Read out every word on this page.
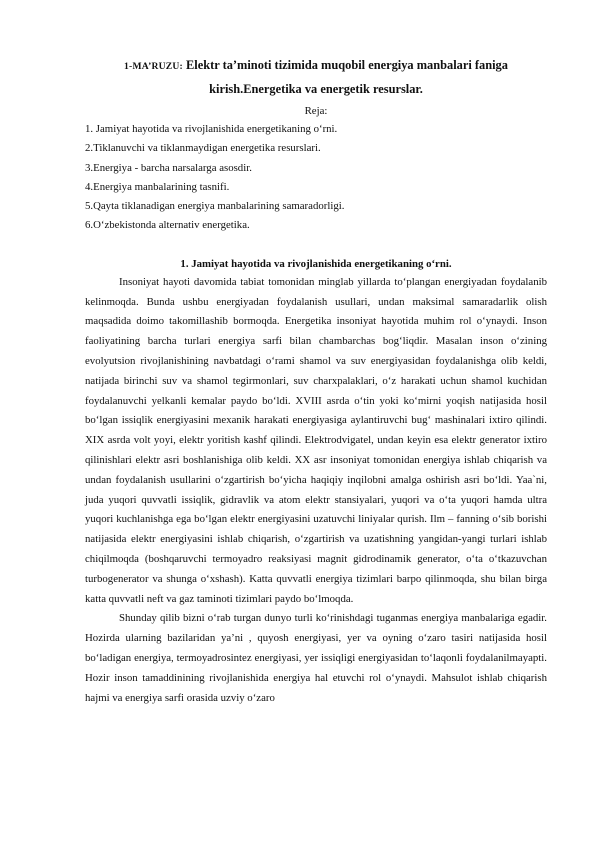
1-MA’RUZU: Elektr ta’minoti tizimida muqobil energiya manbalari faniga
kirish.Energetika va energetik resurslar.
Reja:
1. Jamiyat hayotida va rivojlanishida energetikaning o‘rni.
2.Tiklanuvchi va tiklanmaydigan energetika resurslari.
3.Energiya - barcha narsalarga asosdir.
4.Energiya manbalarining tasnifi.
5.Qayta tiklanadigan energiya manbalarining samaradorligi.
6.O‘zbekistonda alternativ energetika.
1. Jamiyat hayotida va rivojlanishida energetikaning o‘rni.

Insoniyat hayoti davomida tabiat tomonidan minglab yillarda to‘plangan energiyadan foydalanib kelinmoqda. Bunda ushbu energiyadan foydalanish usullari, undan maksimal samaradarlik olish maqsadida doimo takomillashib bormoqda. Energetika insoniyat hayotida muhim rol o‘ynaydi. Inson faoliyatining barcha turlari energiya sarfi bilan chambarchas bog‘liqdir. Masalan inson o‘zining evolyutsion rivojlanishining navbatdagi o‘rami shamol va suv energiyasidan foydalanishga olib keldi, natijada birinchi suv va shamol tegirmonlari, suv charxpalaklari, o‘z harakati uchun shamol kuchidan foydalanuvchi yelkanli kemalar paydo bo‘ldi. XVIII asrda o‘tin yoki ko‘mirni yoqish natijasida hosil bo‘lgan issiqlik energiyasini mexanik harakati energiyasiga aylantiruvchi bug‘ mashinalari ixtiro qilindi. XIX asrda volt yoyi, elektr yoritish kashf qilindi. Elektrodvigatel, undan keyin esa elektr generator ixtiro qilinishlari elektr asri boshlanishiga olib keldi. XX asr insoniyat tomonidan energiya ishlab chiqarish va undan foydalanish usullarini o‘zgartirish bo‘yicha haqiqiy inqilobni amalga oshirish asri bo‘ldi. Yaa`ni, juda yuqori quvvatli issiqlik, gidravlik va atom elektr stansiyalari, yuqori va o‘ta yuqori hamda ultra yuqori kuchlanishga ega bo‘lgan elektr energiyasini uzatuvchi liniyalar qurish. Ilm – fanning o‘sib borishi natijasida elektr energiyasini ishlab chiqarish, o‘zgartirish va uzatishning yangidan-yangi turlari ishlab chiqilmoqda (boshqaruvchi termoyadro reaksiyasi magnit gidrodinamik generator, o‘ta o‘tkazuvchan turbogenerator va shunga o‘xshash). Katta quvvatli energiya tizimlari barpo qilinmoqda, shu bilan birga katta quvvatli neft va gaz taminoti tizimlari paydo bo‘lmoqda.

Shunday qilib bizni o‘rab turgan dunyo turli ko‘rinishdagi tuganmas energiya manbalariga egadir. Hozirda ularning bazilaridan ya’ni , quyosh energiyasi, yer va oyning o‘zaro tasiri natijasida hosil bo‘ladigan energiya, termoyadrosintez energiyasi, yer issiqligi energiyasidan to‘laqonli foydalanilmayapti. Hozir inson tamaddinining rivojlanishida energiya hal etuvchi rol o‘ynaydi. Mahsulot ishlab chiqarish hajmi va energiya sarfi orasida uzviy o‘zaro
